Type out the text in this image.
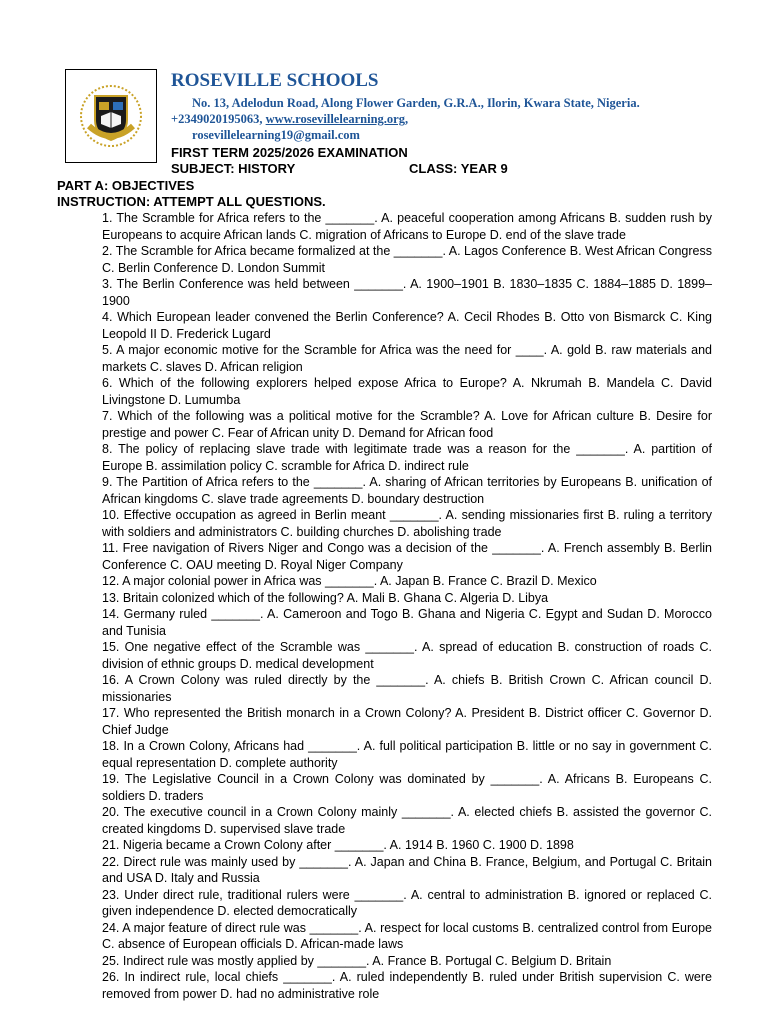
ROSEVILLE SCHOOLS
No. 13, Adelodun Road, Along Flower Garden, G.R.A., Ilorin, Kwara State, Nigeria.
+2349020195063, www.rosevillelearning.org,
rosevillelearning19@gmail.com
FIRST TERM 2025/2026 EXAMINATION
SUBJECT: HISTORY	CLASS: YEAR 9
PART A: OBJECTIVES
INSTRUCTION: ATTEMPT ALL QUESTIONS.

1. The Scramble for Africa refers to the _______. A. peaceful cooperation among Africans B. sudden rush by Europeans to acquire African lands C. migration of Africans to Europe D. end of the slave trade

2. The Scramble for Africa became formalized at the _______. A. Lagos Conference B. West African Congress C. Berlin Conference D. London Summit

3. The Berlin Conference was held between _______. A. 1900–1901 B. 1830–1835 C. 1884–1885 D. 1899–1900

4. Which European leader convened the Berlin Conference? A. Cecil Rhodes B. Otto von Bismarck C. King Leopold II D. Frederick Lugard

5. A major economic motive for the Scramble for Africa was the need for ____. A. gold B. raw materials and markets C. slaves D. African religion

6. Which of the following explorers helped expose Africa to Europe? A. Nkrumah B. Mandela C. David Livingstone D. Lumumba

7. Which of the following was a political motive for the Scramble? A. Love for African culture B. Desire for prestige and power C. Fear of African unity D. Demand for African food

8. The policy of replacing slave trade with legitimate trade was a reason for the _______. A. partition of Europe B. assimilation policy C. scramble for Africa D. indirect rule

9. The Partition of Africa refers to the _______. A. sharing of African territories by Europeans B. unification of African kingdoms C. slave trade agreements D. boundary destruction

10. Effective occupation as agreed in Berlin meant _______. A. sending missionaries first B. ruling a territory with soldiers and administrators C. building churches D. abolishing trade

11. Free navigation of Rivers Niger and Congo was a decision of the _______. A. French assembly B. Berlin Conference C. OAU meeting D. Royal Niger Company

12. A major colonial power in Africa was _______. A. Japan B. France C. Brazil D. Mexico

13. Britain colonized which of the following? A. Mali B. Ghana C. Algeria D. Libya

14. Germany ruled _______. A. Cameroon and Togo B. Ghana and Nigeria C. Egypt and Sudan D. Morocco and Tunisia

15. One negative effect of the Scramble was _______. A. spread of education B. construction of roads C. division of ethnic groups D. medical development

16. A Crown Colony was ruled directly by the _______. A. chiefs B. British Crown C. African council D. missionaries

17. Who represented the British monarch in a Crown Colony? A. President B. District officer C. Governor D. Chief Judge

18. In a Crown Colony, Africans had _______. A. full political participation B. little or no say in government C. equal representation D. complete authority

19. The Legislative Council in a Crown Colony was dominated by _______. A. Africans B. Europeans C. soldiers D. traders

20. The executive council in a Crown Colony mainly _______. A. elected chiefs B. assisted the governor C. created kingdoms D. supervised slave trade

21. Nigeria became a Crown Colony after _______. A. 1914 B. 1960 C. 1900 D. 1898

22. Direct rule was mainly used by _______. A. Japan and China B. France, Belgium, and Portugal C. Britain and USA D. Italy and Russia

23. Under direct rule, traditional rulers were _______. A. central to administration B. ignored or replaced C. given independence D. elected democratically

24. A major feature of direct rule was _______. A. respect for local customs B. centralized control from Europe C. absence of European officials D. African-made laws

25. Indirect rule was mostly applied by _______. A. France B. Portugal C. Belgium D. Britain

26. In indirect rule, local chiefs _______. A. ruled independently B. ruled under British supervision C. were removed from power D. had no administrative role
